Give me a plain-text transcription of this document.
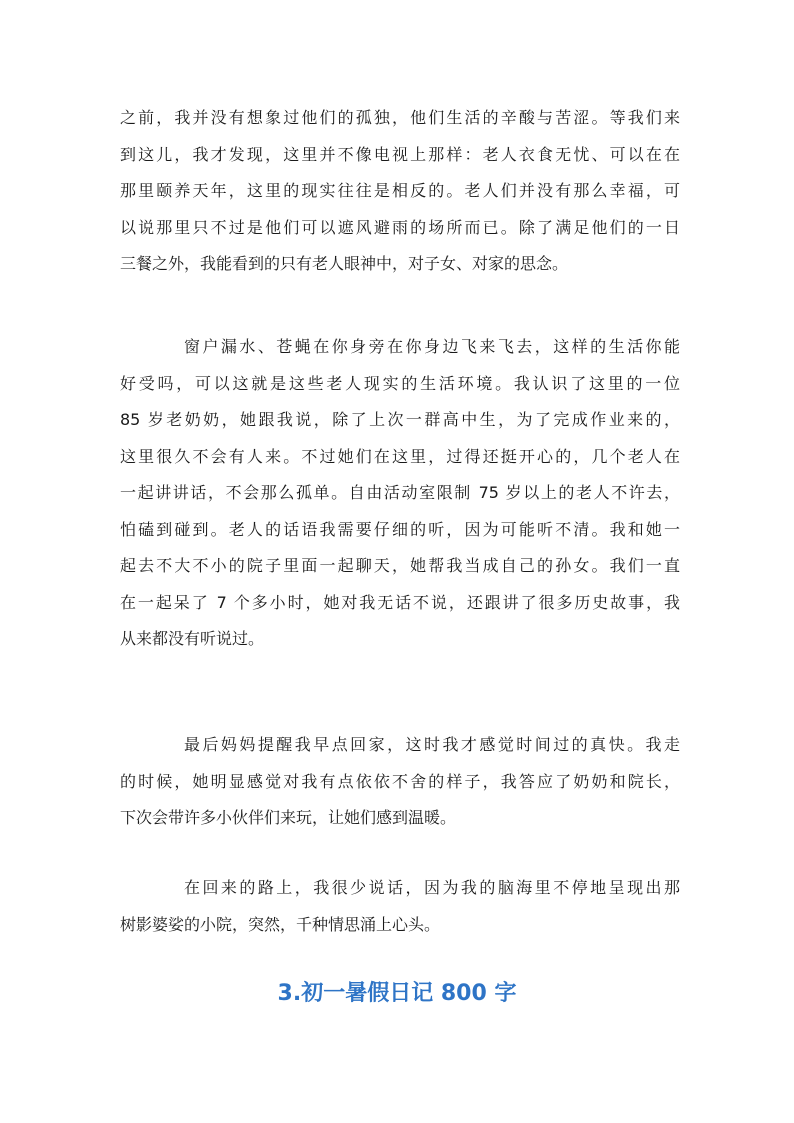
之前，我并没有想象过他们的孤独，他们生活的辛酸与苦涩。等我们来
到这儿，我才发现，这里并不像电视上那样：老人衣食无忧、可以在在
那里颐养天年，这里的现实往往是相反的。老人们并没有那么幸福，可
以说那里只不过是他们可以遮风避雨的场所而已。除了满足他们的一日
三餐之外，我能看到的只有老人眼神中，对子女、对家的思念。
窗户漏水、苍蝇在你身旁在你身边飞来飞去，这样的生活你能
好受吗，可以这就是这些老人现实的生活环境。我认识了这里的一位
85 岁老奶奶，她跟我说，除了上次一群高中生，为了完成作业来的，
这里很久不会有人来。不过她们在这里，过得还挺开心的，几个老人在
一起讲讲话，不会那么孤单。自由活动室限制 75 岁以上的老人不许去，
怕磕到碰到。老人的话语我需要仔细的听，因为可能听不清。我和她一
起去不大不小的院子里面一起聊天，她帮我当成自己的孙女。我们一直
在一起呆了 7 个多小时，她对我无话不说，还跟讲了很多历史故事，我
从来都没有听说过。
最后妈妈提醒我早点回家，这时我才感觉时间过的真快。我走
的时候，她明显感觉对我有点依依不舍的样子，我答应了奶奶和院长，
下次会带许多小伙伴们来玩，让她们感到温暖。
在回来的路上，我很少说话，因为我的脑海里不停地呈现出那
树影婆娑的小院，突然，千种情思涌上心头。
3.初一暑假日记 800 字
